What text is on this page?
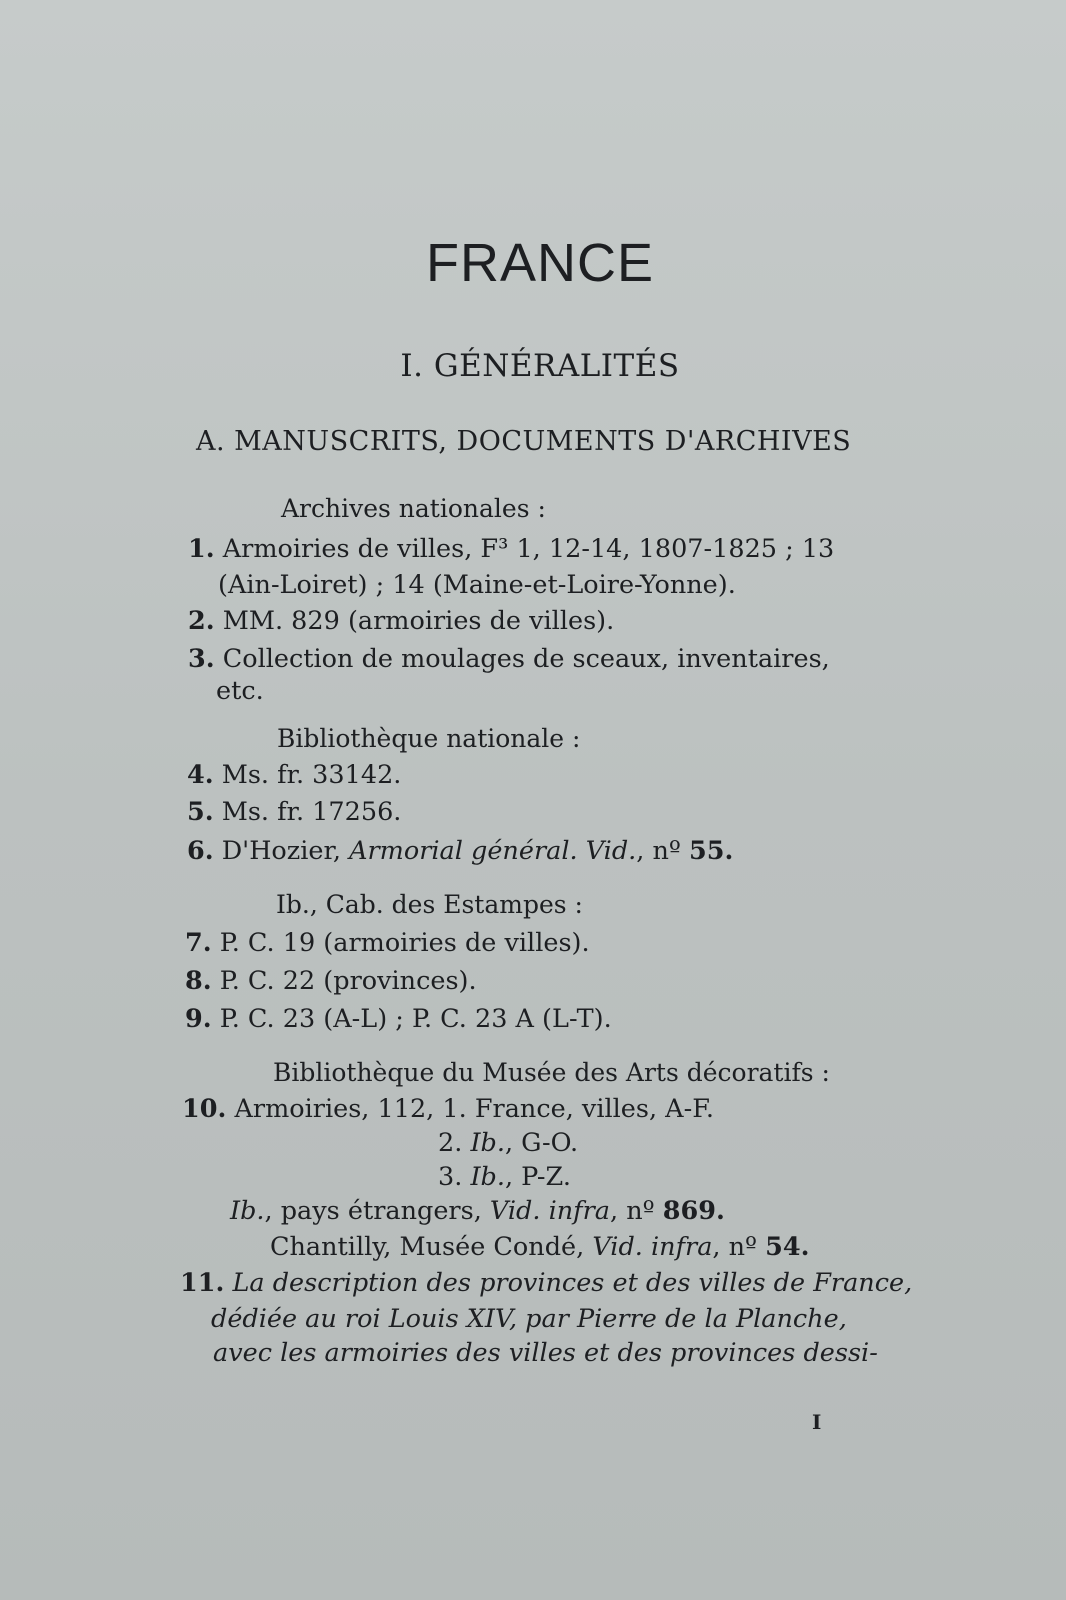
FRANCE
I. GÉNÉRALITÉS
A. MANUSCRITS, DOCUMENTS D'ARCHIVES
Archives nationales :
1. Armoiries de villes, F³ 1, 12-14, 1807-1825 ; 13
(Ain-Loiret) ; 14 (Maine-et-Loire-Yonne).
2. MM. 829 (armoiries de villes).
3. Collection de moulages de sceaux, inventaires,
etc.
Bibliothèque nationale :
4. Ms. fr. 33142.
5. Ms. fr. 17256.
6. D'Hozier, Armorial général. Vid., nº 55.
Ib., Cab. des Estampes :
7. P. C. 19 (armoiries de villes).
8. P. C. 22 (provinces).
9. P. C. 23 (A-L) ; P. C. 23 A (L-T).
Bibliothèque du Musée des Arts décoratifs :
10. Armoiries, 112, 1. France, villes, A-F.
2. Ib., G-O.
3. Ib., P-Z.
Ib., pays étrangers, Vid. infra, nº 869.
Chantilly, Musée Condé, Vid. infra, nº 54.
11. La description des provinces et des villes de France,
dédiée au roi Louis XIV, par Pierre de la Planche,
avec les armoiries des villes et des provinces dessi-
I
